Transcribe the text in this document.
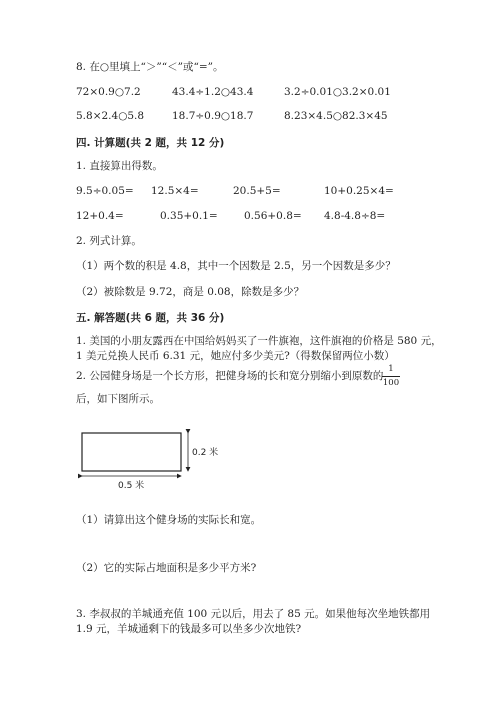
8. 在○里填上“＞”“＜”或“=”。
72×0.9○7.2	43.4÷1.2○43.4	3.2÷0.01○3.2×0.01
5.8×2.4○5.8	18.7÷0.9○18.7	8.23×4.5○82.3×45
四. 计算题(共 2 题，共 12 分)
1. 直接算出得数。
9.5÷0.05= 12.5×4=	20.5+5=	10+0.25×4=
12+0.4=	0.35+0.1=	0.56+0.8= 4.8-4.8÷8=
2. 列式计算。
（1）两个数的积是 4.8，其中一个因数是 2.5，另一个因数是多少？
（2）被除数是 9.72，商是 0.08，除数是多少？
五. 解答题(共 6 题，共 36 分)
1. 美国的小朋友露西在中国给妈妈买了一件旗袍，这件旗袍的价格是 580 元，
1 美元兑换人民币 6.31 元，她应付多少美元?（得数保留两位小数）
2. 公园健身场是一个长方形，把健身场的长和宽分别缩小到原数的
1
100
后，如下图所示。
0.2 米
0.5 米
（1）请算出这个健身场的实际长和宽。
（2）它的实际占地面积是多少平方米?
3. 李叔叔的羊城通充值 100 元以后，用去了 85 元。如果他每次坐地铁都用
1.9 元，羊城通剩下的钱最多可以坐多少次地铁?
